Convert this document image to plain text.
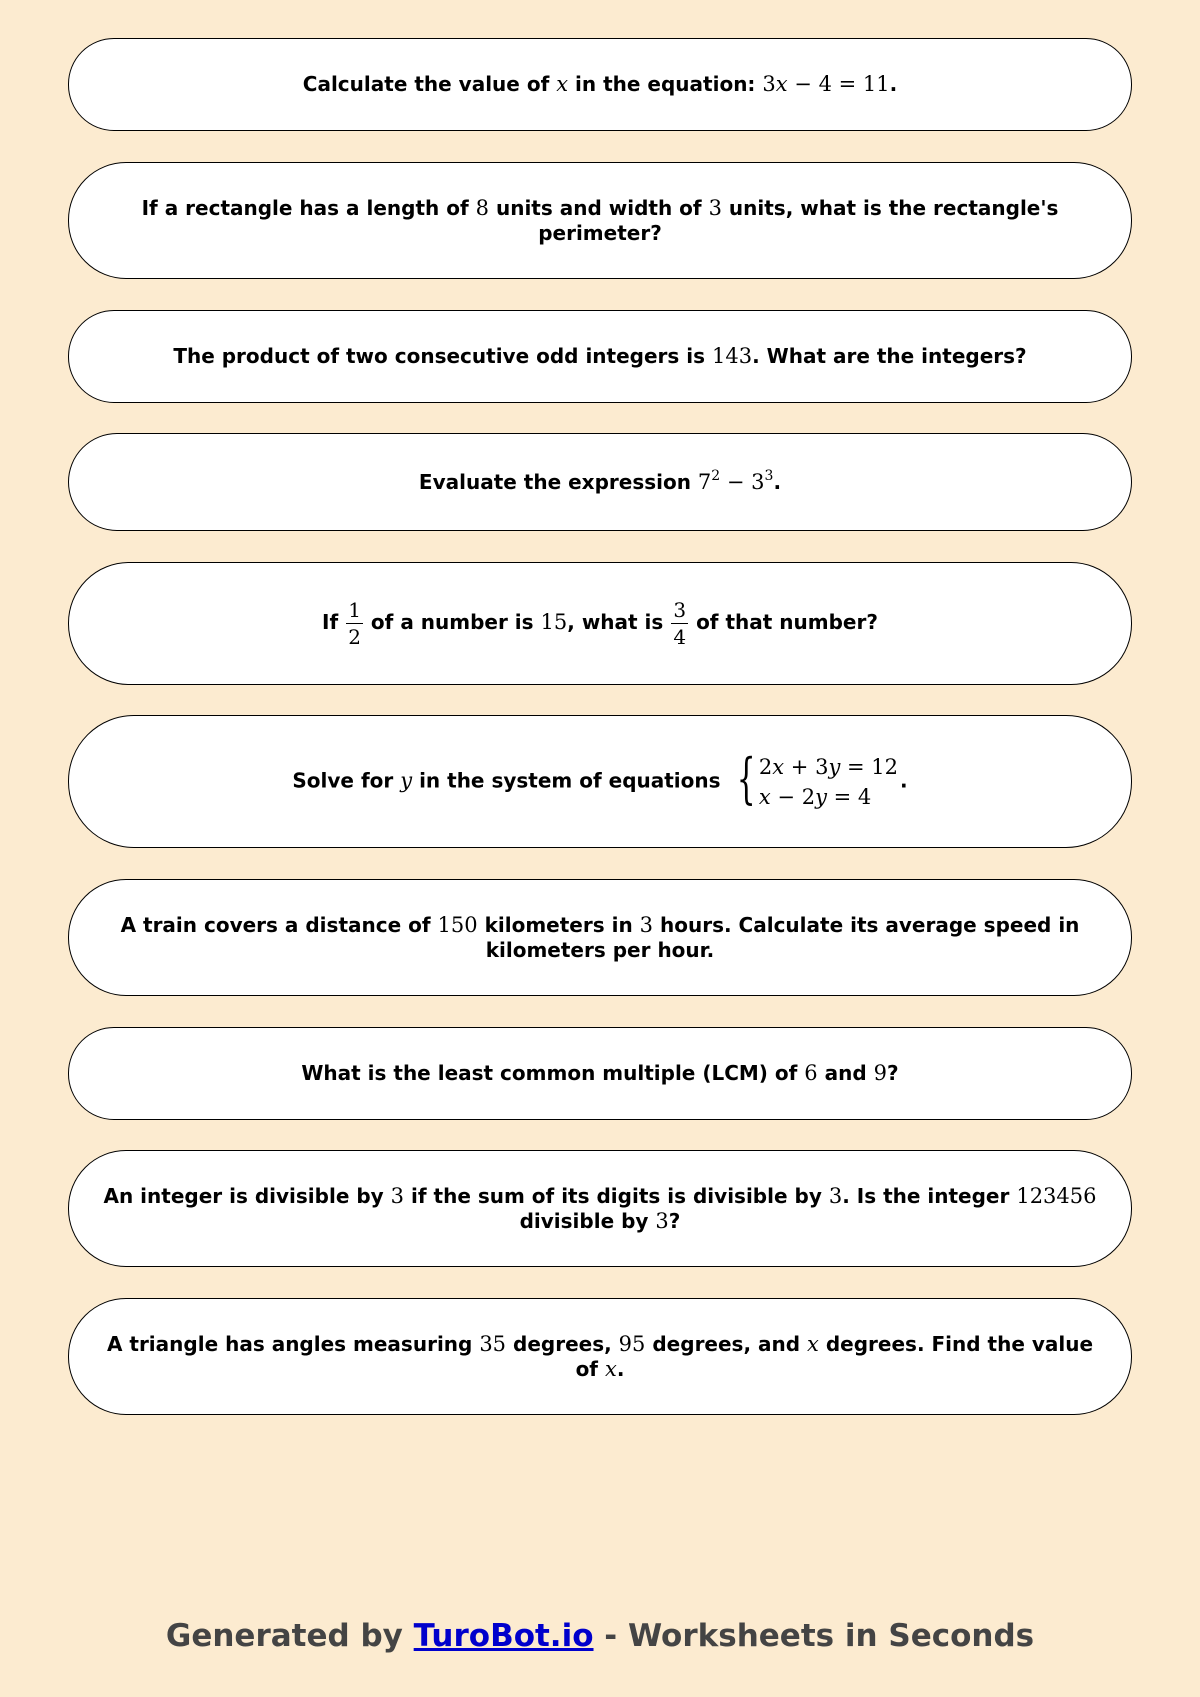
Calculate the value of x in the equation: 3x − 4 = 11.
If a rectangle has a length of 8 units and width of 3 units, what is the rectangle's perimeter?
The product of two consecutive odd integers is 143. What are the integers?
Evaluate the expression $7^2 - 3^3$.
If $\frac{1}{2}$ of a number is 15, what is $\frac{3}{4}$ of that number?
Solve for y in the system of equations { 2x + 3y = 12
x − 2y = 4
.
A train covers a distance of 150 kilometers in 3 hours. Calculate its average speed in kilometers per hour.
What is the least common multiple (LCM) of 6 and 9?
An integer is divisible by 3 if the sum of its digits is divisible by 3. Is the integer 123456 divisible by 3?
A triangle has angles measuring 35 degrees, 95 degrees, and x degrees. Find the value of x.
Generated by TuroBot.io - Worksheets in Seconds
